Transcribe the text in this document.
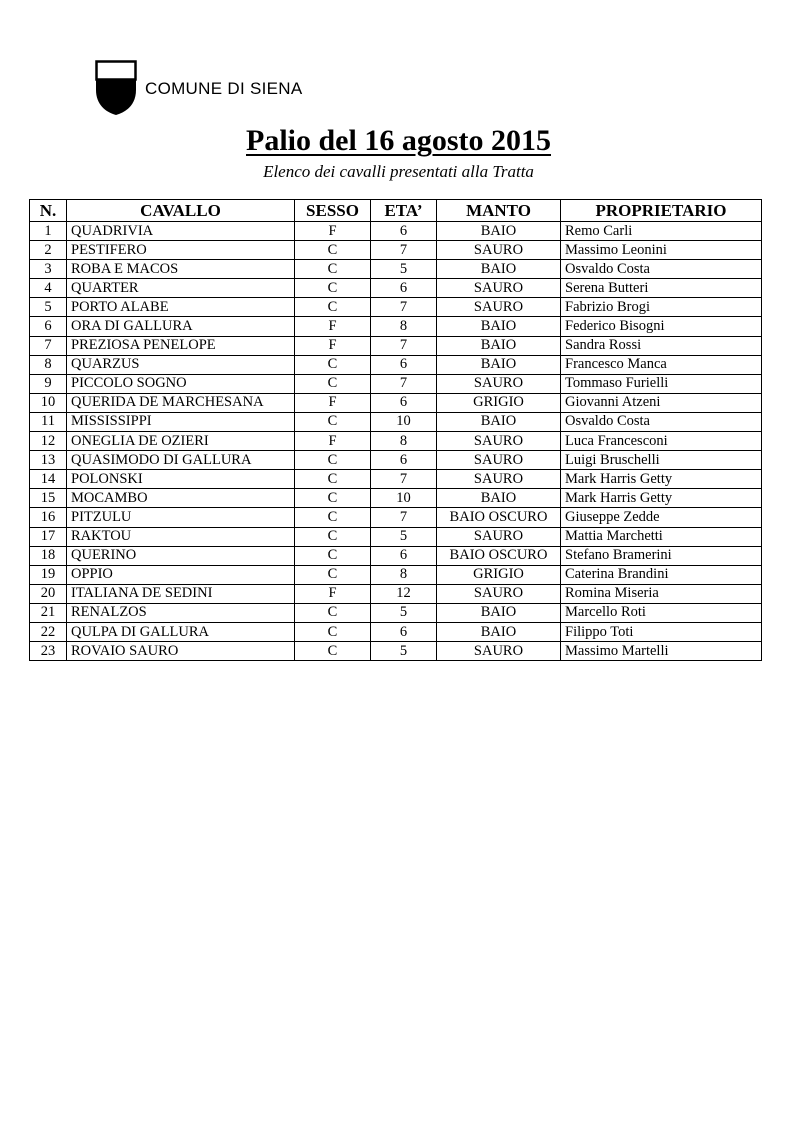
COMUNE DI SIENA
Palio del 16 agosto 2015
Elenco dei cavalli presentati alla Tratta
N.	CAVALLO	SESSO	ETA’	MANTO	PROPRIETARIO
1	QUADRIVIA	F	6	BAIO	Remo Carli
2	PESTIFERO	C	7	SAURO	Massimo Leonini
3	ROBA E MACOS	C	5	BAIO	Osvaldo Costa
4	QUARTER	C	6	SAURO	Serena Butteri
5	PORTO ALABE	C	7	SAURO	Fabrizio Brogi
6	ORA DI GALLURA	F	8	BAIO	Federico Bisogni
7	PREZIOSA PENELOPE	F	7	BAIO	Sandra Rossi
8	QUARZUS	C	6	BAIO	Francesco Manca
9	PICCOLO SOGNO	C	7	SAURO	Tommaso Furielli
10	QUERIDA DE MARCHESANA	F	6	GRIGIO	Giovanni Atzeni
11	MISSISSIPPI	C	10	BAIO	Osvaldo Costa
12	ONEGLIA DE OZIERI	F	8	SAURO	Luca Francesconi
13	QUASIMODO DI GALLURA	C	6	SAURO	Luigi Bruschelli
14	POLONSKI	C	7	SAURO	Mark Harris Getty
15	MOCAMBO	C	10	BAIO	Mark Harris Getty
16	PITZULU	C	7	BAIO OSCURO	Giuseppe Zedde
17	RAKTOU	C	5	SAURO	Mattia Marchetti
18	QUERINO	C	6	BAIO OSCURO	Stefano Bramerini
19	OPPIO	C	8	GRIGIO	Caterina Brandini
20	ITALIANA DE SEDINI	F	12	SAURO	Romina Miseria
21	RENALZOS	C	5	BAIO	Marcello Roti
22	QULPA DI GALLURA	C	6	BAIO	Filippo Toti
23	ROVAIO SAURO	C	5	SAURO	Massimo Martelli
